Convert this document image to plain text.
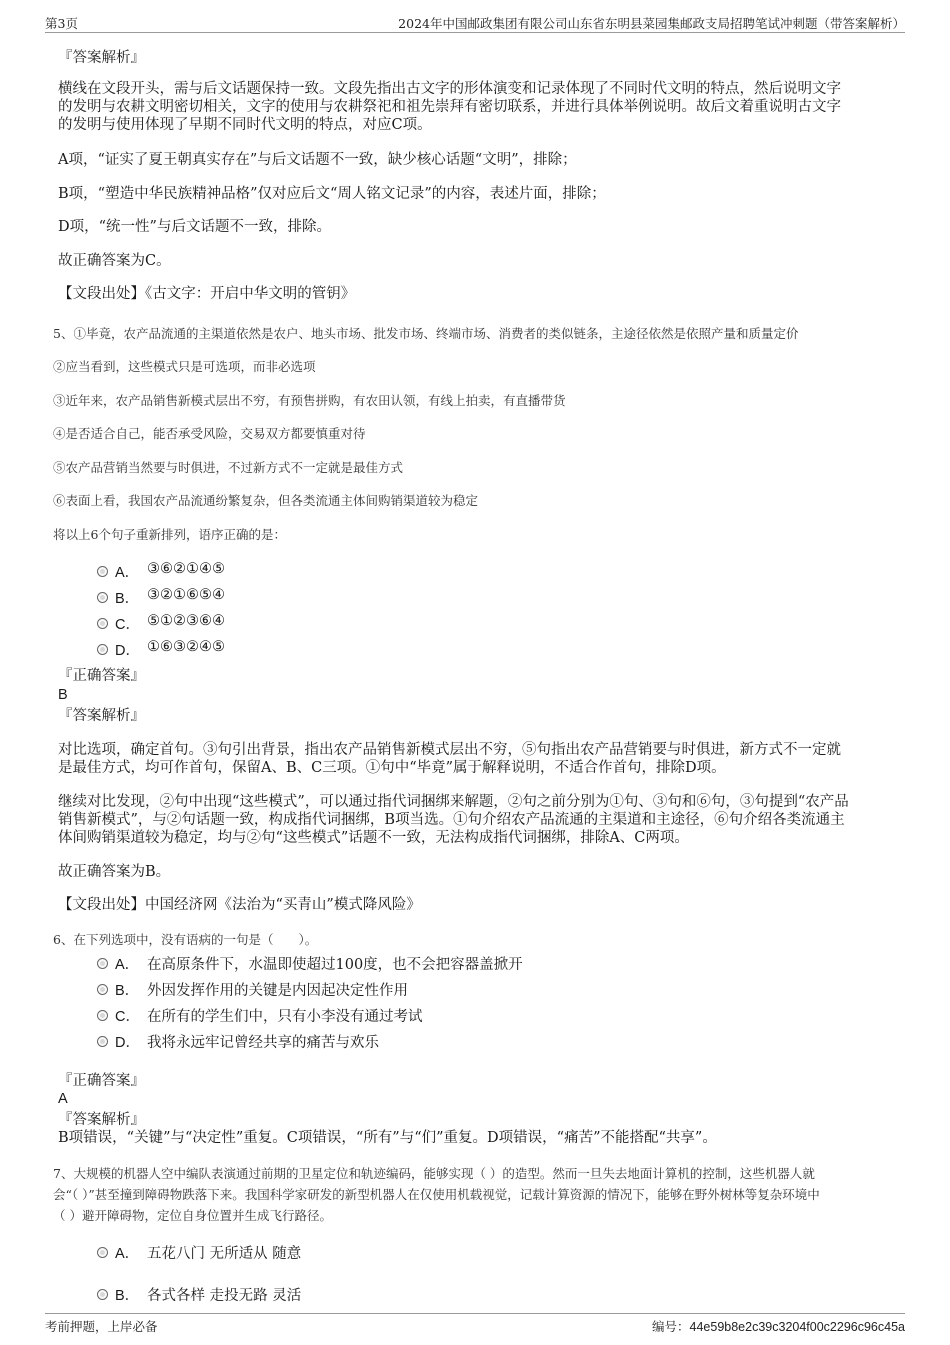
第3页	2024年中国邮政集团有限公司山东省东明县菜园集邮政支局招聘笔试冲刺题（带答案解析）
『答案解析』
横线在文段开头，需与后文话题保持一致。文段先指出古文字的形体演变和记录体现了不同时代文明的特点，然后说明文字
的发明与农耕文明密切相关，文字的使用与农耕祭祀和祖先崇拜有密切联系，并进行具体举例说明。故后文着重说明古文字
的发明与使用体现了早期不同时代文明的特点，对应C项。
A项，“证实了夏王朝真实存在”与后文话题不一致，缺少核心话题“文明”，排除；
B项，“塑造中华民族精神品格”仅对应后文“周人铭文记录”的内容，表述片面，排除；
D项，“统一性”与后文话题不一致，排除。
故正确答案为C。
【文段出处】《古文字：开启中华文明的管钥》
5、①毕竟，农产品流通的主渠道依然是农户、地头市场、批发市场、终端市场、消费者的类似链条，主途径依然是依照产量和质量定价
②应当看到，这些模式只是可选项，而非必选项
③近年来，农产品销售新模式层出不穷，有预售拼购，有农田认领，有线上拍卖，有直播带货
④是否适合自己，能否承受风险，交易双方都要慎重对待
⑤农产品营销当然要与时俱进，不过新方式不一定就是最佳方式
⑥表面上看，我国农产品流通纷繁复杂，但各类流通主体间购销渠道较为稳定
将以上6个句子重新排列，语序正确的是：
A． ③⑥②①④⑤
B． ③②①⑥⑤④
C． ⑤①②③⑥④
D． ①⑥③②④⑤
『正确答案』
B
『答案解析』
对比选项，确定首句。③句引出背景，指出农产品销售新模式层出不穷，⑤句指出农产品营销要与时俱进，新方式不一定就
是最佳方式，均可作首句，保留A、B、C三项。①句中“毕竟”属于解释说明，不适合作首句，排除D项。
继续对比发现，②句中出现“这些模式”，可以通过指代词捆绑来解题，②句之前分别为①句、③句和⑥句，③句提到“农产品
销售新模式”，与②句话题一致，构成指代词捆绑，B项当选。①句介绍农产品流通的主渠道和主途径，⑥句介绍各类流通主
体间购销渠道较为稳定，均与②句“这些模式”话题不一致，无法构成指代词捆绑，排除A、C两项。
故正确答案为B。
【文段出处】中国经济网《法治为“买青山”模式降风险》
6、在下列选项中，没有语病的一句是（　　）。
A． 在高原条件下，水温即使超过100度，也不会把容器盖掀开
B． 外因发挥作用的关键是内因起决定性作用
C． 在所有的学生们中，只有小李没有通过考试
D． 我将永远牢记曾经共享的痛苦与欢乐
『正确答案』
A
『答案解析』
B项错误，“关键”与“决定性”重复。C项错误，“所有”与“们”重复。D项错误，“痛苦”不能搭配“共享”。
7、大规模的机器人空中编队表演通过前期的卫星定位和轨迹编码，能够实现（ ）的造型。然而一旦失去地面计算机的控制，这些机器人就
会“（ ）”甚至撞到障碍物跌落下来。我国科学家研发的新型机器人在仅使用机载视觉，记载计算资源的情况下，能够在野外树林等复杂环境中
（ ）避开障碍物，定位自身位置并生成飞行路径。
A． 五花八门 无所适从 随意
B． 各式各样 走投无路 灵活
考前押题，上岸必备	编号：44e59b8e2c39c3204f00c2296c96c45a
